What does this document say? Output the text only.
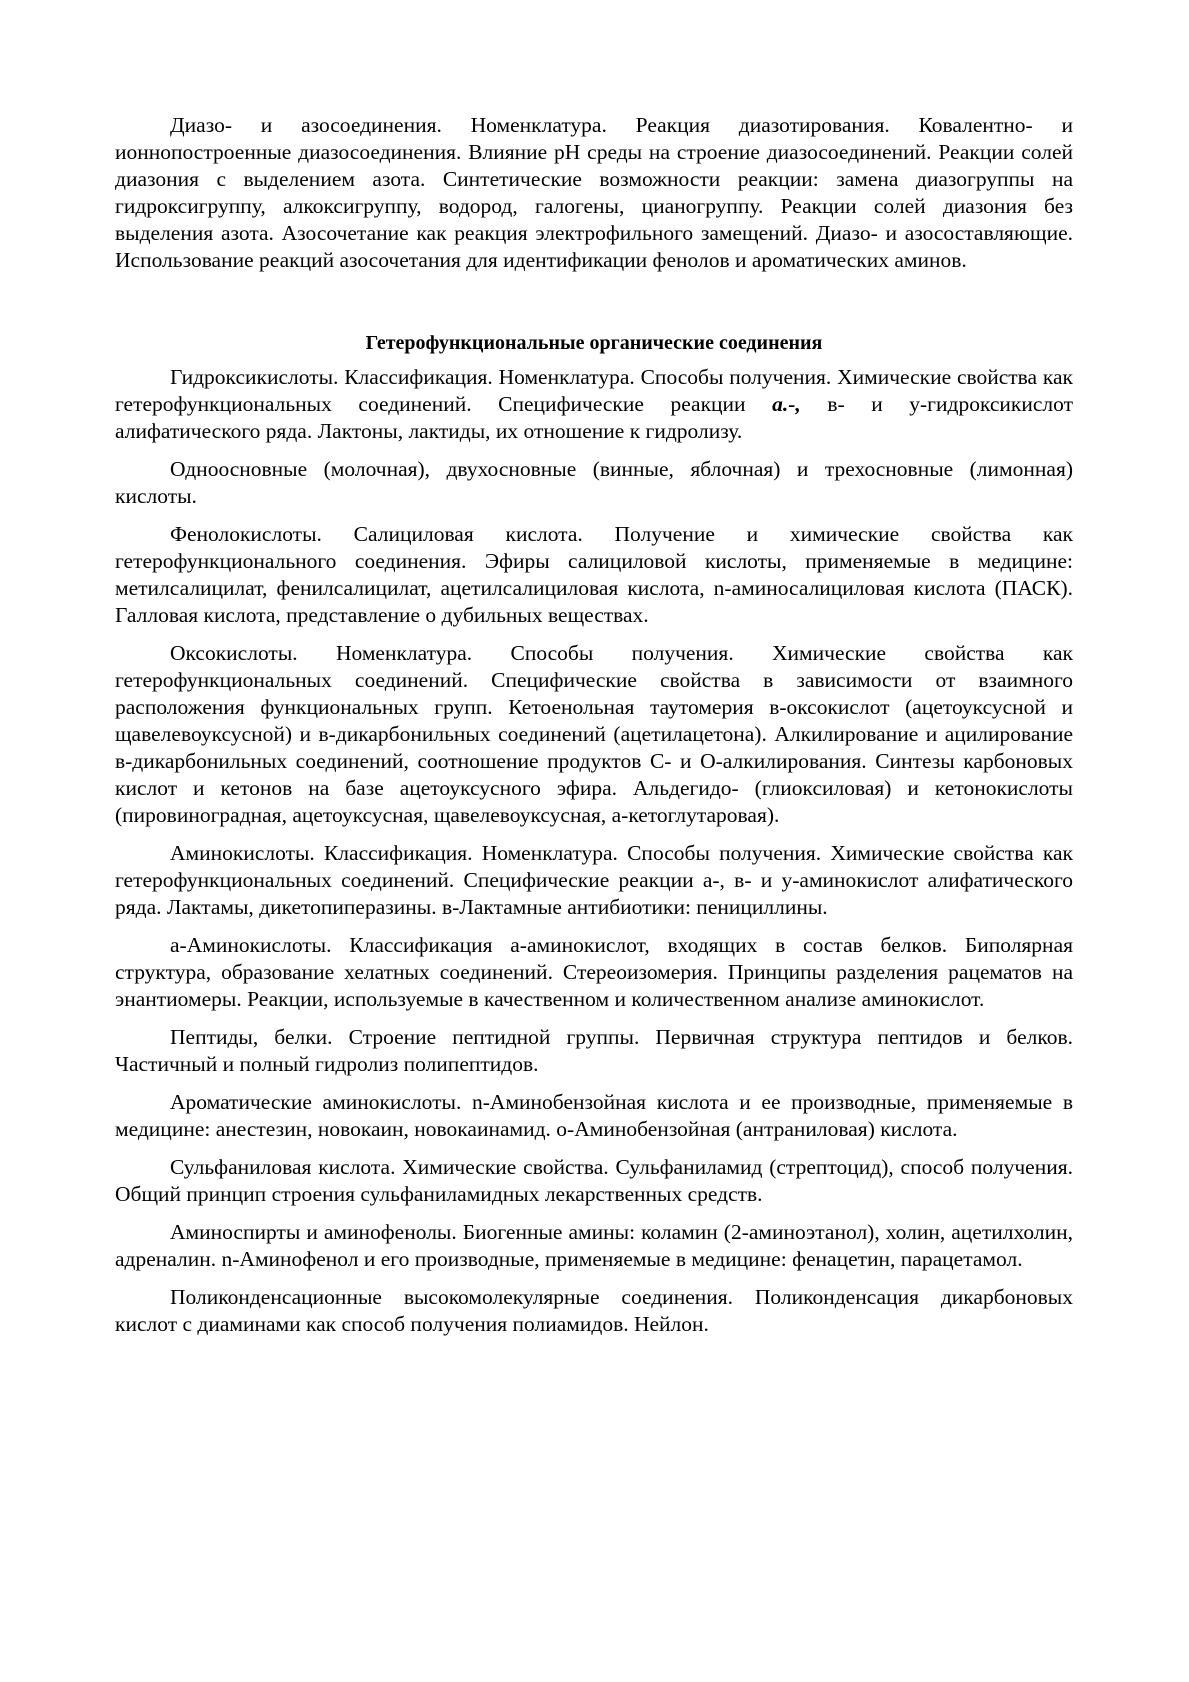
Диазо- и азосоединения. Номенклатура. Реакция диазотирования. Ковалентно- и ионнопостроенные диазосоединения. Влияние рН среды на строение диазосоединений. Реакции солей диазония с выделением азота. Синтетические возможности реакции: замена диазогруппы на гидроксигруппу, алкоксигруппу, водород, галогены, цианогруппу. Реакции солей диазония без выделения азота. Азосочетание как реакция электрофильного замещений. Диазо- и азосоставляющие. Использование реакций азосочетания для идентификации фенолов и ароматических аминов.

Гетерофункциональные органические соединения

Гидроксикислоты. Классификация. Номенклатура. Способы получения. Химические свойства как гетерофункциональных соединений. Специфические реакции а.-, в- и у-гидроксикислот алифатического ряда. Лактоны, лактиды, их отношение к гидролизу.

Одноосновные (молочная), двухосновные (винные, яблочная) и трехосновные (лимонная) кислоты.

Фенолокислоты. Салициловая кислота. Получение и химические свойства как гетерофункционального соединения. Эфиры салициловой кислоты, применяемые в медицине: метилсалицилат, фенилсалицилат, ацетилсалициловая кислота, n-аминосалициловая кислота (ПАСК). Галловая кислота, представление о дубильных веществах.

Оксокислоты. Номенклатура. Способы получения. Химические свойства как гетерофункциональных соединений. Специфические свойства в зависимости от взаимного расположения функциональных групп. Кетоенольная таутомерия в-оксокислот (ацетоуксусной и щавелевоуксусной) и в-дикарбонильных соединений (ацетилацетона). Алкилирование и ацилирование в-дикарбонильных соединений, соотношение продуктов С- и О-алкилирования. Синтезы карбоновых кислот и кетонов на базе ацетоуксусного эфира. Альдегидо- (глиоксиловая) и кетонокислоты (пировиноградная, ацетоуксусная, щавелевоуксусная, а-кетоглутаровая).

Аминокислоты. Классификация. Номенклатура. Способы получения. Химические свойства как гетерофункциональных соединений. Специфические реакции а-, в- и у-аминокислот алифатического ряда. Лактамы, дикетопиперазины. в-Лактамные антибиотики: пенициллины.

а-Аминокислоты. Классификация а-аминокислот, входящих в состав белков. Биполярная структура, образование хелатных соединений. Стереоизомерия. Принципы разделения рацематов на энантиомеры. Реакции, используемые в качественном и количественном анализе аминокислот.

Пептиды, белки. Строение пептидной группы. Первичная структура пептидов и белков. Частичный и полный гидролиз полипептидов.

Ароматические аминокислоты. n-Аминобензойная кислота и ее производные, применяемые в медицине: анестезин, новокаин, новокаинамид. о-Аминобензойная (антраниловая) кислота.

Сульфаниловая кислота. Химические свойства. Сульфаниламид (стрептоцид), способ получения. Общий принцип строения сульфаниламидных лекарственных средств.

Аминоспирты и аминофенолы. Биогенные амины: коламин (2-аминоэтанол), холин, ацетилхолин, адреналин. n-Аминофенол и его производные, применяемые в медицине: фенацетин, парацетамол.

Поликонденсационные высокомолекулярные соединения. Поликонденсация дикарбоновых кислот с диаминами как способ получения полиамидов. Нейлон.
